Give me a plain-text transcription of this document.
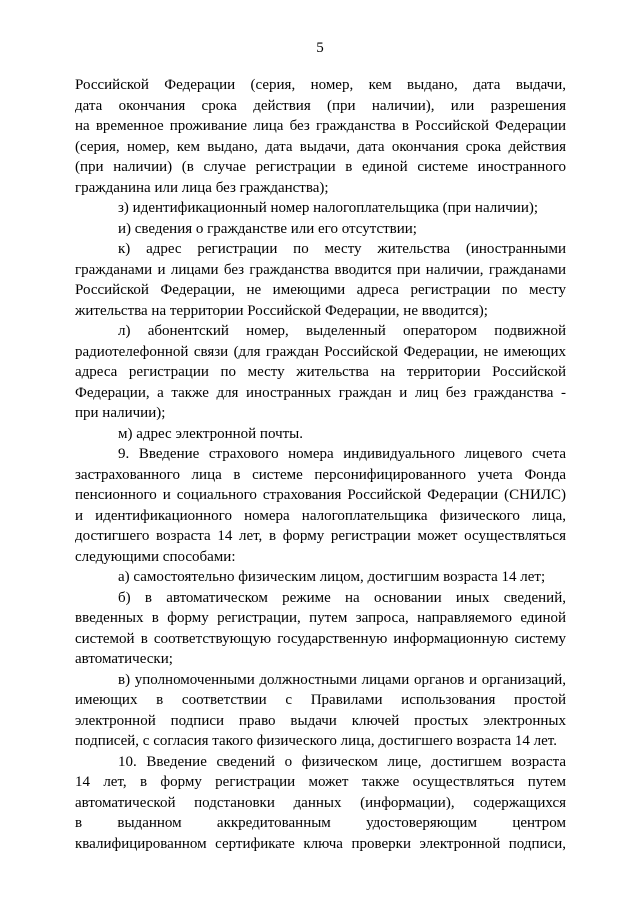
5
Российской Федерации (серия, номер, кем выдано, дата выдачи,
дата окончания срока действия (при наличии), или разрешения
на временное проживание лица без гражданства в Российской Федерации
(серия, номер, кем выдано, дата выдачи, дата окончания срока действия
(при наличии) (в случае регистрации в единой системе иностранного
гражданина или лица без гражданства);
з) идентификационный номер налогоплательщика (при наличии);
и) сведения о гражданстве или его отсутствии;
к) адрес регистрации по месту жительства (иностранными
гражданами и лицами без гражданства вводится при наличии, гражданами
Российской Федерации, не имеющими адреса регистрации по месту
жительства на территории Российской Федерации, не вводится);
л) абонентский номер, выделенный оператором подвижной
радиотелефонной связи (для граждан Российской Федерации, не имеющих
адреса регистрации по месту жительства на территории Российской
Федерации, а также для иностранных граждан и лиц без гражданства -
при наличии);
м) адрес электронной почты.
9. Введение страхового номера индивидуального лицевого счета
застрахованного лица в системе персонифицированного учета Фонда
пенсионного и социального страхования Российской Федерации (СНИЛС)
и идентификационного номера налогоплательщика физического лица,
достигшего возраста 14 лет, в форму регистрации может осуществляться
следующими способами:
а) самостоятельно физическим лицом, достигшим возраста 14 лет;
б) в автоматическом режиме на основании иных сведений,
введенных в форму регистрации, путем запроса, направляемого единой
системой в соответствующую государственную информационную систему
автоматически;
в) уполномоченными должностными лицами органов и организаций,
имеющих в соответствии с Правилами использования простой
электронной подписи право выдачи ключей простых электронных
подписей, с согласия такого физического лица, достигшего возраста 14 лет.
10. Введение сведений о физическом лице, достигшем возраста
14 лет, в форму регистрации может также осуществляться путем
автоматической подстановки данных (информации), содержащихся
в выданном аккредитованным удостоверяющим центром
квалифицированном сертификате ключа проверки электронной подписи,
